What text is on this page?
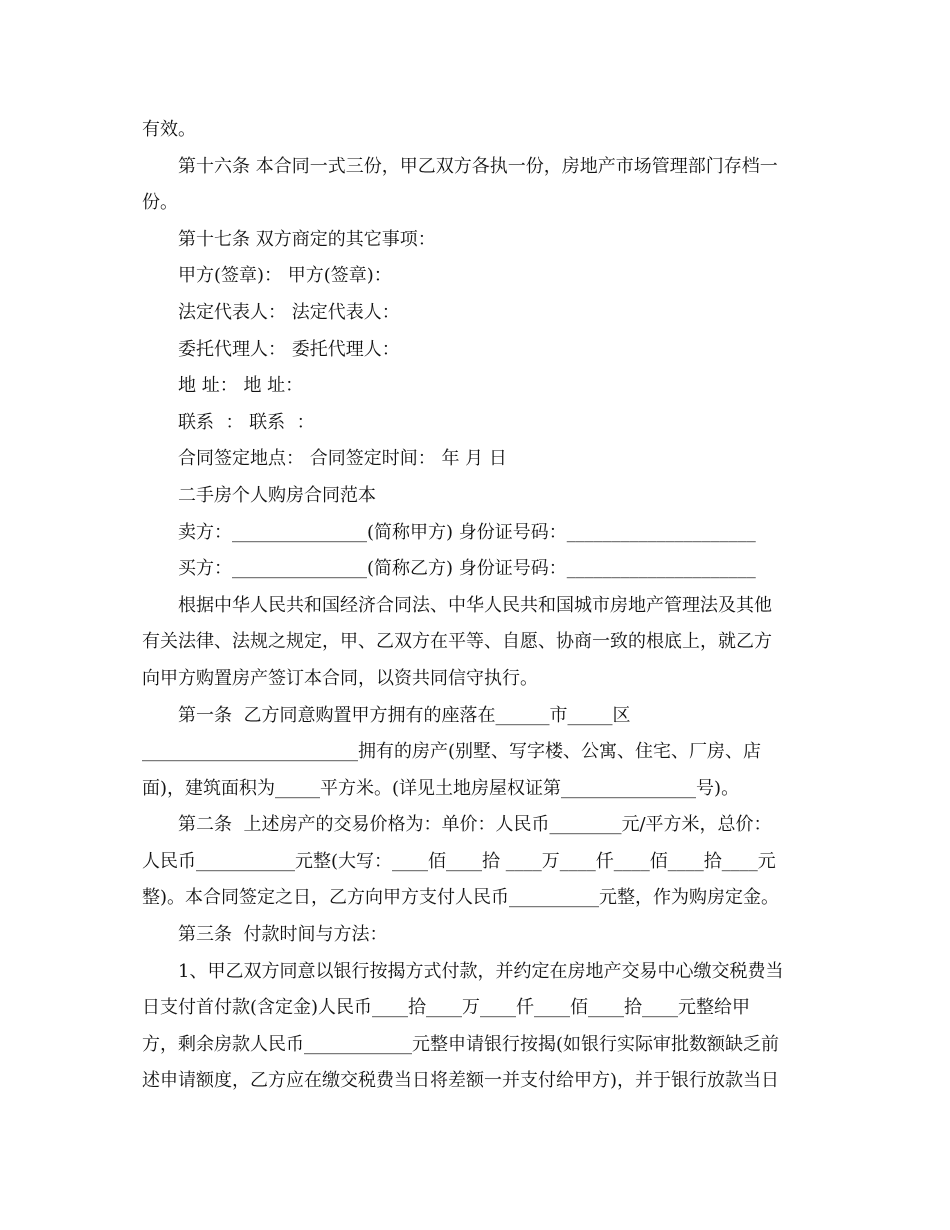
有效。
第十六条 本合同一式三份，甲乙双方各执一份，房地产市场管理部门存档一
份。
第十七条 双方商定的其它事项：
甲方(签章)： 甲方(签章)：
法定代表人： 法定代表人：
委托代理人： 委托代理人：
地 址： 地 址：
联系  ： 联系  ：
合同签定地点： 合同签定时间： 年 月 日
二手房个人购房合同范本
卖方：_______________(简称甲方) 身份证号码：_____________________
买方：_______________(简称乙方) 身份证号码：_____________________
根据中华人民共和国经济合同法、中华人民共和国城市房地产管理法及其他
有关法律、法规之规定，甲、乙双方在平等、自愿、协商一致的根底上，就乙方
向甲方购置房产签订本合同，以资共同信守执行。
第一条  乙方同意购置甲方拥有的座落在______市_____区
________________________拥有的房产(别墅、写字楼、公寓、住宅、厂房、店
面)，建筑面积为_____平方米。(详见土地房屋权证第_______________号)。
第二条  上述房产的交易价格为：单价：人民币________元/平方米，总价：
人民币___________元整(大写：____佰____拾 ____万____仟____佰____拾____元
整)。本合同签定之日，乙方向甲方支付人民币__________元整，作为购房定金。
第三条  付款时间与方法：
1、甲乙双方同意以银行按揭方式付款，并约定在房地产交易中心缴交税费当
日支付首付款(含定金)人民币____拾____万____仟____佰____拾____元整给甲
方，剩余房款人民币____________元整申请银行按揭(如银行实际审批数额缺乏前
述申请额度，乙方应在缴交税费当日将差额一并支付给甲方)，并于银行放款当日
